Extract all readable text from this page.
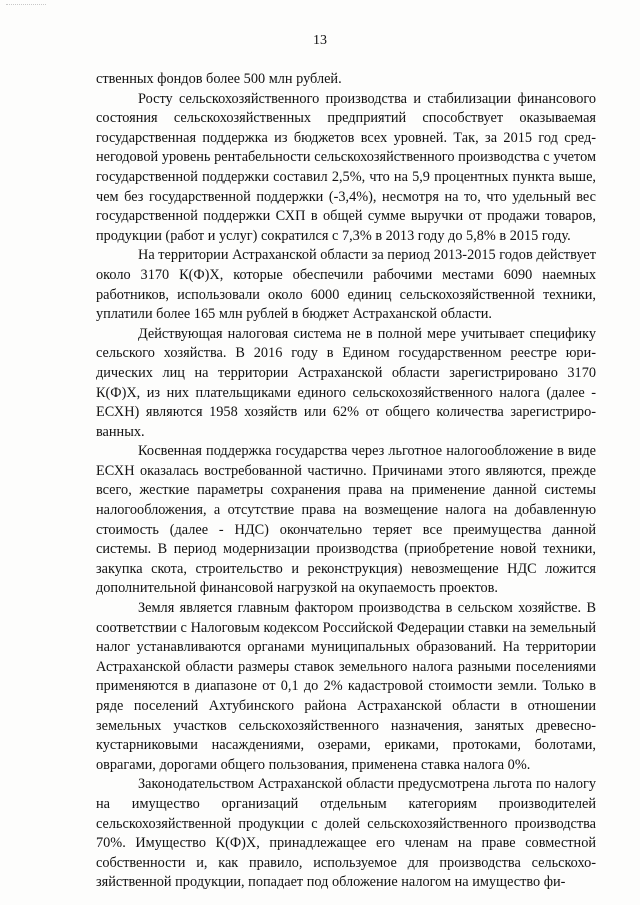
13

ственных фондов более 500 млн рублей.

Росту сельскохозяйственного производства и стабилизации финансового состояния сельскохозяйственных предприятий способствует оказываемая государственная поддержка из бюджетов всех уровней. Так, за 2015 год среднегодовой уровень рентабельности сельскохозяйственного производства с учетом государственной поддержки составил 2,5%, что на 5,9 процентных пункта выше, чем без государственной поддержки (-3,4%), несмотря на то, что удельный вес государственной поддержки СХП в общей сумме выручки от продажи товаров, продукции (работ и услуг) сократился с 7,3% в 2013 году до 5,8% в 2015 году.

На территории Астраханской области за период 2013-2015 годов действует около 3170 К(Ф)Х, которые обеспечили рабочими местами 6090 наемных работников, использовали около 6000 единиц сельскохозяйственной техники, уплатили более 165 млн рублей в бюджет Астраханской области.

Действующая налоговая система не в полной мере учитывает специфику сельского хозяйства. В 2016 году в Едином государственном реестре юридических лиц на территории Астраханской области зарегистрировано 3170 К(Ф)Х, из них плательщиками единого сельскохозяйственного налога (далее - ЕСХН) являются 1958 хозяйств или 62% от общего количества зарегистрированных.

Косвенная поддержка государства через льготное налогообложение в виде ЕСХН оказалась востребованной частично. Причинами этого являются, прежде всего, жесткие параметры сохранения права на применение данной системы налогообложения, а отсутствие права на возмещение налога на добавленную стоимость (далее - НДС) окончательно теряет все преимущества данной системы. В период модернизации производства (приобретение новой техники, закупка скота, строительство и реконструкция) невозмещение НДС ложится дополнительной финансовой нагрузкой на окупаемость проектов.

Земля является главным фактором производства в сельском хозяйстве. В соответствии с Налоговым кодексом Российской Федерации ставки на земельный налог устанавливаются органами муниципальных образований. На территории Астраханской области размеры ставок земельного налога разными поселениями применяются в диапазоне от 0,1 до 2% кадастровой стоимости земли. Только в ряде поселений Ахтубинского района Астраханской области в отношении земельных участков сельскохозяйственного назначения, занятых древесно-кустарниковыми насаждениями, озерами, ериками, протоками, болотами, оврагами, дорогами общего пользования, применена ставка налога 0%.

Законодательством Астраханской области предусмотрена льгота по налогу на имущество организаций отдельным категориям производителей сельскохозяйственной продукции с долей сельскохозяйственного производства 70%. Имущество К(Ф)Х, принадлежащее его членам на праве совместной собственности и, как правило, используемое для производства сельскохозяйственной продукции, попадает под обложение налогом на имущество фи-
